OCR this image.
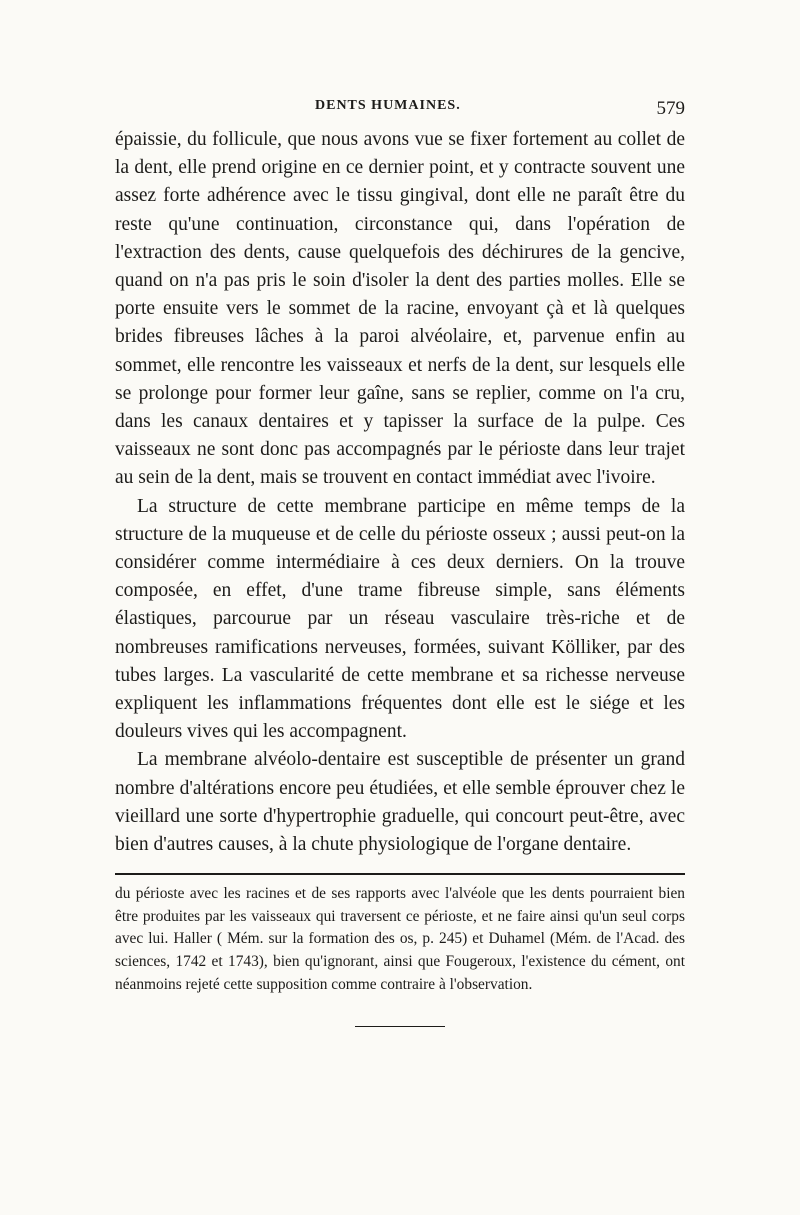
DENTS HUMAINES.	579

épaissie, du follicule, que nous avons vue se fixer fortement au collet de la dent, elle prend origine en ce dernier point, et y contracte souvent une assez forte adhérence avec le tissu gingival, dont elle ne paraît être du reste qu'une continuation, circonstance qui, dans l'opération de l'extraction des dents, cause quelquefois des déchirures de la gencive, quand on n'a pas pris le soin d'isoler la dent des parties molles. Elle se porte ensuite vers le sommet de la racine, envoyant çà et là quelques brides fibreuses lâches à la paroi alvéolaire, et, parvenue enfin au sommet, elle rencontre les vaisseaux et nerfs de la dent, sur lesquels elle se prolonge pour former leur gaîne, sans se replier, comme on l'a cru, dans les canaux dentaires et y tapisser la surface de la pulpe. Ces vaisseaux ne sont donc pas accompagnés par le périoste dans leur trajet au sein de la dent, mais se trouvent en contact immédiat avec l'ivoire.

La structure de cette membrane participe en même temps de la structure de la muqueuse et de celle du périoste osseux ; aussi peut-on la considérer comme intermédiaire à ces deux derniers. On la trouve composée, en effet, d'une trame fibreuse simple, sans éléments élastiques, parcourue par un réseau vasculaire très-riche et de nombreuses ramifications nerveuses, formées, suivant Kölliker, par des tubes larges. La vascularité de cette membrane et sa richesse nerveuse expliquent les inflammations fréquentes dont elle est le siége et les douleurs vives qui les accompagnent.

La membrane alvéolo-dentaire est susceptible de présenter un grand nombre d'altérations encore peu étudiées, et elle semble éprouver chez le vieillard une sorte d'hypertrophie graduelle, qui concourt peut-être, avec bien d'autres causes, à la chute physiologique de l'organe dentaire.

du périoste avec les racines et de ses rapports avec l'alvéole que les dents pourraient bien être produites par les vaisseaux qui traversent ce périoste, et ne faire ainsi qu'un seul corps avec lui. Haller ( Mém. sur la formation des os, p. 245) et Duhamel (Mém. de l'Acad. des sciences, 1742 et 1743), bien qu'ignorant, ainsi que Fougeroux, l'existence du cément, ont néanmoins rejeté cette supposition comme contraire à l'observation.
